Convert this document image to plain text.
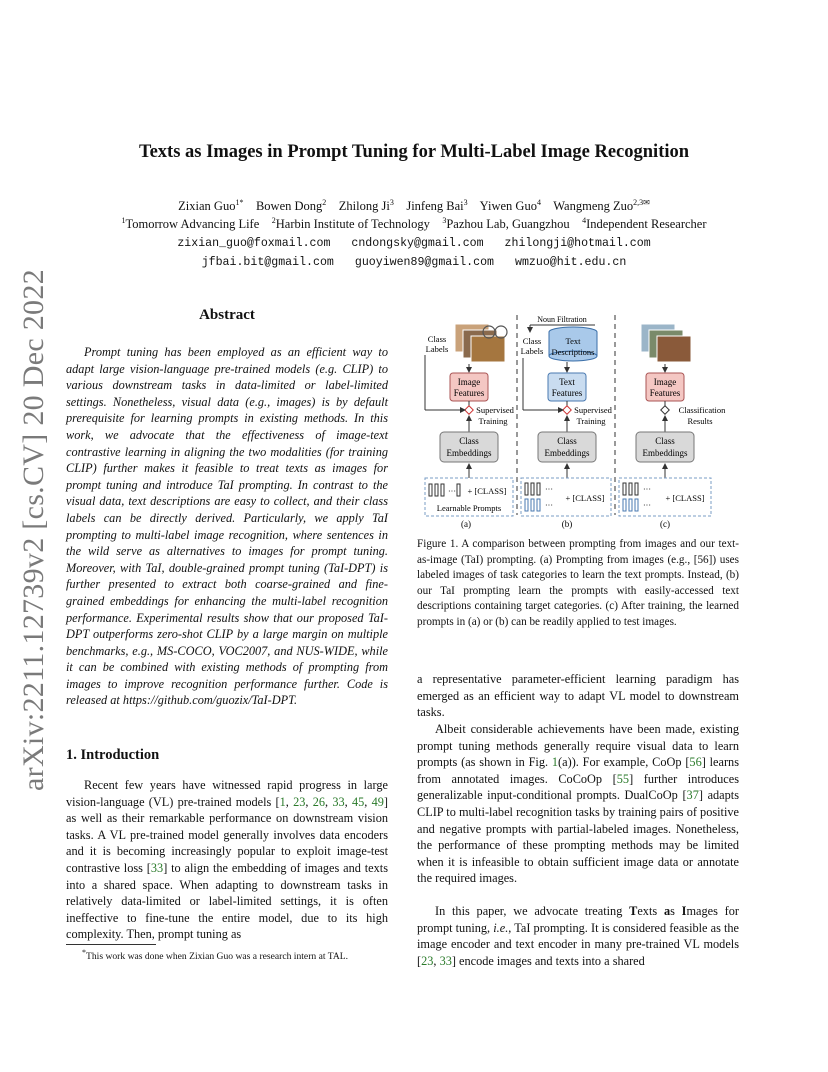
arXiv:2211.12739v2 [cs.CV] 20 Dec 2022
Texts as Images in Prompt Tuning for Multi-Label Image Recognition
Zixian Guo$^{1*}$ Bowen Dong$^2$ Zhilong Ji$^3$ Jinfeng Bai$^3$ Yiwen Guo$^4$ Wangmeng Zuo$^{2,3✉}$
$^1$Tomorrow Advancing Life $^2$Harbin Institute of Technology $^3$Pazhou Lab, Guangzhou $^4$Independent Researcher
zixian_guo@foxmail.com cndongsky@gmail.com zhilongji@hotmail.com
jfbai.bit@gmail.com guoyiwen89@gmail.com wmzuo@hit.edu.cn
Abstract
Prompt tuning has been employed as an efficient way to adapt large vision-language pre-trained models (e.g. CLIP) to various downstream tasks in data-limited or label-limited settings. Nonetheless, visual data (e.g., images) is by default prerequisite for learning prompts in existing methods. In this work, we advocate that the effectiveness of image-text contrastive learning in aligning the two modalities (for training CLIP) further makes it feasible to treat texts as images for prompt tuning and introduce TaI prompting. In contrast to the visual data, text descriptions are easy to collect, and their class labels can be directly derived. Particularly, we apply TaI prompting to multi-label image recognition, where sentences in the wild serve as alternatives to images for prompt tuning. Moreover, with TaI, double-grained prompt tuning (TaI-DPT) is further presented to extract both coarse-grained and fine-grained embeddings for enhancing the multi-label recognition performance. Experimental results show that our proposed TaI-DPT outperforms zero-shot CLIP by a large margin on multiple benchmarks, e.g., MS-COCO, VOC2007, and NUS-WIDE, while it can be combined with existing methods of prompting from images to improve recognition performance further. Code is released at https://github.com/guozix/TaI-DPT.
1. Introduction
Recent few years have witnessed rapid progress in large vision-language (VL) pre-trained models [1, 23, 26, 33, 45, 49] as well as their remarkable performance on downstream vision tasks. A VL pre-trained model generally involves data encoders and it is becoming increasingly popular to exploit image-test contrastive loss [33] to align the embedding of images and texts into a shared space. When adapting to downstream tasks in relatively data-limited or label-limited settings, it is often ineffective to fine-tune the entire model, due to its high complexity. Then, prompt tuning as
*This work was done when Zixian Guo was a research intern at TAL.
Class
Labels
Image
Features
Supervised
Training
Class
Embeddings
··· + [CLASS]
Learnable Prompts
(a)
Noun Filtration
Class
Labels
Text
Descriptions
Text
Features
Supervised
Training
Class
Embeddings
···
···
+ [CLASS]
(b)
Image
Features
Classification
Results
Class
Embeddings
···
···
+ [CLASS]
(c)
Figure 1. A comparison between prompting from images and our text-as-image (TaI) prompting. (a) Prompting from images (e.g., [56]) uses labeled images of task categories to learn the text prompts. Instead, (b) our TaI prompting learn the prompts with easily-accessed text descriptions containing target categories. (c) After training, the learned prompts in (a) or (b) can be readily applied to test images.
a representative parameter-efficient learning paradigm has emerged as an efficient way to adapt VL model to downstream tasks.
Albeit considerable achievements have been made, existing prompt tuning methods generally require visual data to learn prompts (as shown in Fig. 1(a)). For example, CoOp [56] learns from annotated images. CoCoOp [55] further introduces generalizable input-conditional prompts. DualCoOp [37] adapts CLIP to multi-label recognition tasks by training pairs of positive and negative prompts with partial-labeled images. Nonetheless, the performance of these prompting methods may be limited when it is infeasible to obtain sufficient image data or annotate the required images.
In this paper, we advocate treating Texts as Images for prompt tuning, i.e., TaI prompting. It is considered feasible as the image encoder and text encoder in many pre-trained VL models [23, 33] encode images and texts into a shared
